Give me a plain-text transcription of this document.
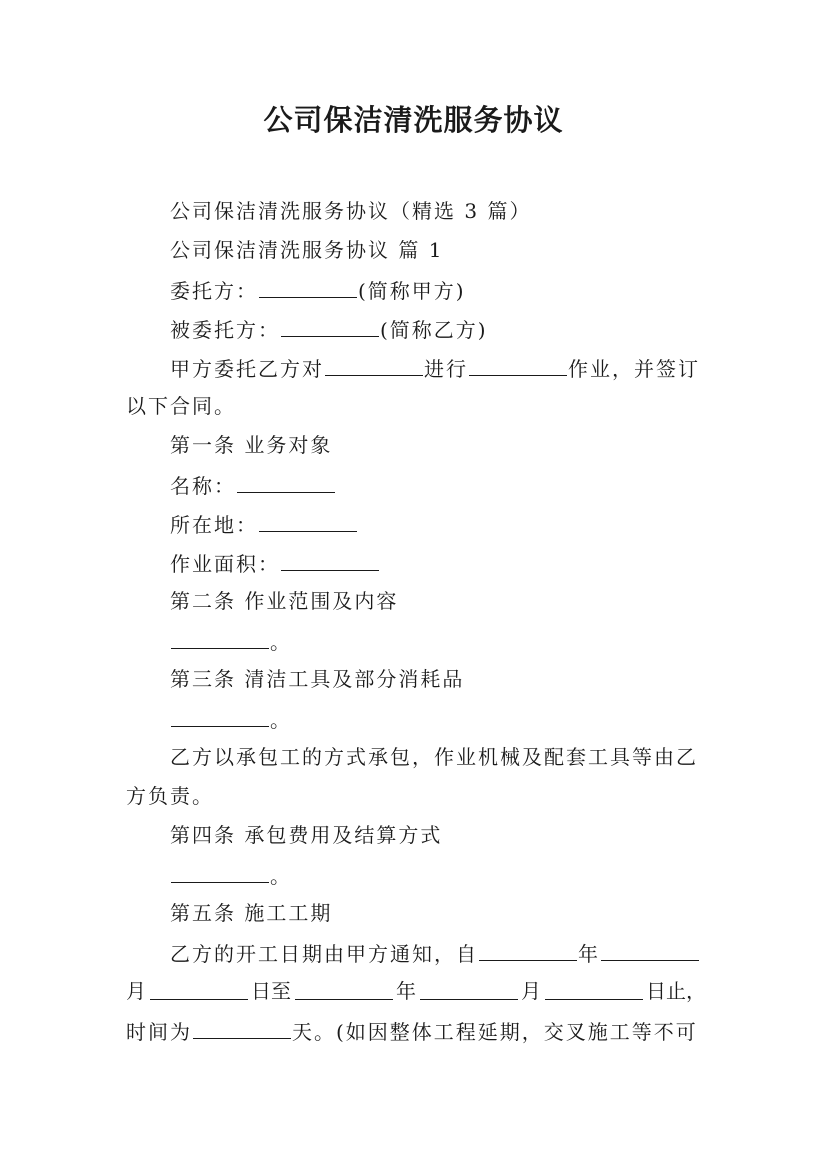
公司保洁清洗服务协议
公司保洁清洗服务协议（精选 3 篇）
公司保洁清洗服务协议 篇 1
委托方：	(简称甲方)
被委托方：	(简称乙方)
甲方委托乙方对	进行	作业，并签订
以下合同。
第一条 业务对象
名称：
所在地：
作业面积：
第二条 作业范围及内容
。
第三条 清洁工具及部分消耗品
。
乙方以承包工的方式承包，作业机械及配套工具等由乙
方负责。
第四条 承包费用及结算方式
。
第五条 施工工期
乙方的开工日期由甲方通知，自	年
月	日至	年	月	日止，
时间为	天。(如因整体工程延期，交叉施工等不可
